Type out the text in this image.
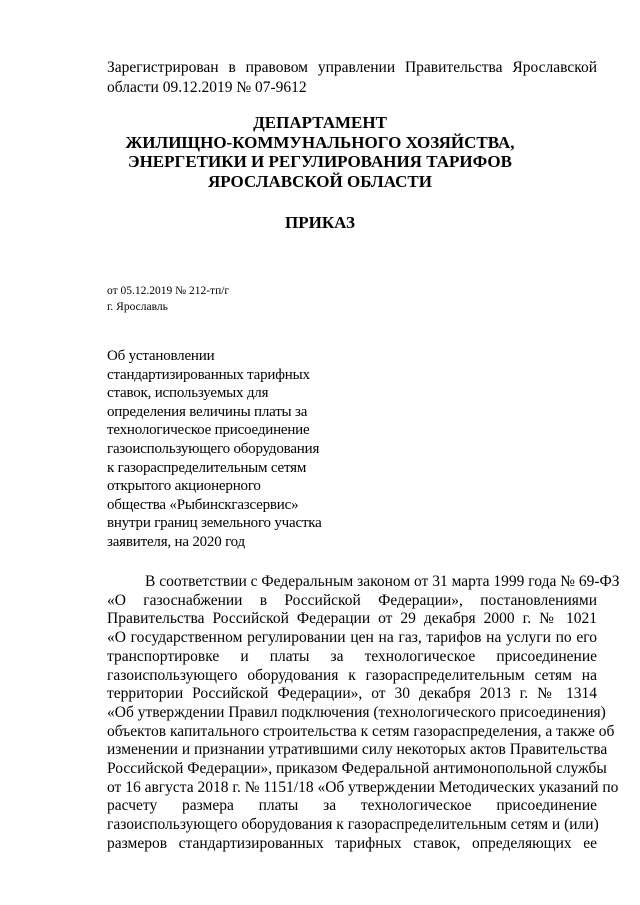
Зарегистрирован в правовом управлении Правительства Ярославской
области 09.12.2019 № 07-9612
ДЕПАРТАМЕНТ
ЖИЛИЩНО-КОММУНАЛЬНОГО ХОЗЯЙСТВА,
ЭНЕРГЕТИКИ И РЕГУЛИРОВАНИЯ ТАРИФОВ
ЯРОСЛАВСКОЙ ОБЛАСТИ
ПРИКАЗ
от 05.12.2019 № 212-тп/г
г. Ярославль
Об установлении
стандартизированных тарифных
ставок, используемых для
определения величины платы за
технологическое присоединение
газоиспользующего оборудования
к газораспределительным сетям
открытого акционерного
общества «Рыбинскгазсервис»
внутри границ земельного участка
заявителя, на 2020 год
В соответствии с Федеральным законом от 31 марта 1999 года № 69-ФЗ
«О газоснабжении в Российской Федерации», постановлениями
Правительства Российской Федерации от 29 декабря 2000 г. № 1021
«О государственном регулировании цен на газ, тарифов на услуги по его
транспортировке и платы за технологическое присоединение
газоиспользующего оборудования к газораспределительным сетям на
территории Российской Федерации», от 30 декабря 2013 г. № 1314
«Об утверждении Правил подключения (технологического присоединения)
объектов капитального строительства к сетям газораспределения, а также об
изменении и признании утратившими силу некоторых актов Правительства
Российской Федерации», приказом Федеральной антимонопольной службы
от 16 августа 2018 г. № 1151/18 «Об утверждении Методических указаний по
расчету размера платы за технологическое присоединение
газоиспользующего оборудования к газораспределительным сетям и (или)
размеров стандартизированных тарифных ставок, определяющих ее
